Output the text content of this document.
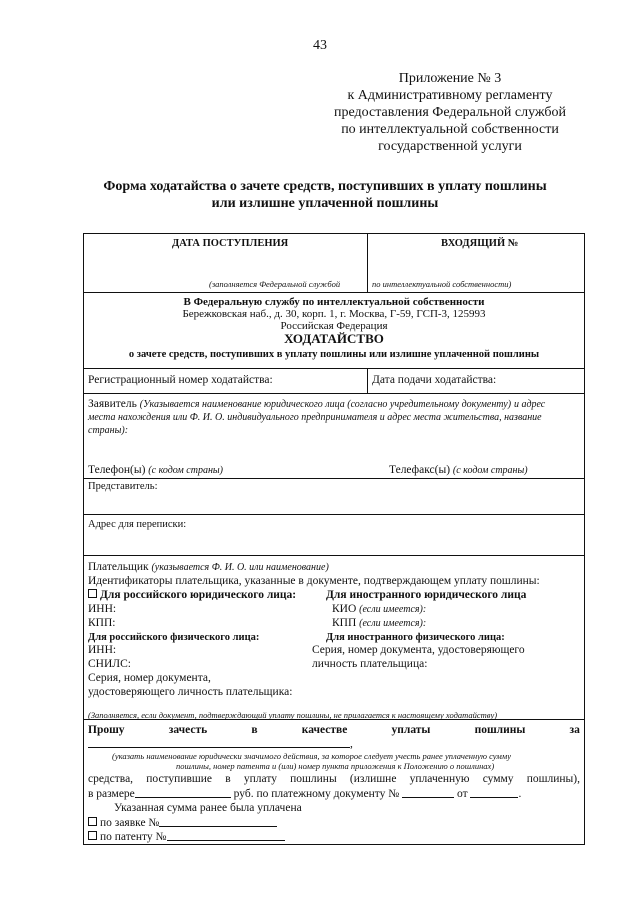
43
Приложение № 3
к Административному регламенту
предоставления Федеральной службой
по интеллектуальной собственности
государственной услуги
Форма ходатайства о зачете средств, поступивших в уплату пошлины
или излишне уплаченной пошлины
ДАТА ПОСТУПЛЕНИЯ	ВХОДЯЩИЙ №
(заполняется Федеральной службой	по интеллектуальной собственности)
В Федеральную службу по интеллектуальной собственности
Бережковская наб., д. 30, корп. 1, г. Москва, Г-59, ГСП-3, 125993
Российская Федерация
ХОДАТАЙСТВО
о зачете средств, поступивших в уплату пошлины или излишне уплаченной пошлины
Регистрационный номер ходатайства:	Дата подачи ходатайства:
Заявитель (Указывается наименование юридического лица (согласно учредительному документу) и адрес
места нахождения или Ф. И. О. индивидуального предпринимателя и адрес места жительства, название
страны):
Телефон(ы) (с кодом страны)	Телефакс(ы) (с кодом страны)
Представитель:
Адрес для переписки:
Плательщик (указывается Ф. И. О. или наименование)
Идентификаторы плательщика, указанные в документе, подтверждающем уплату пошлины:
Для российского юридического лица:	Для иностранного юридического лица
ИНН:	КИО (если имеется):
КПП:	КПП (если имеется):
Для российского физического лица:	Для иностранного физического лица:
ИНН:	Серия, номер документа, удостоверяющего
СНИЛС:	личность плательщица:
Серия, номер документа,
удостоверяющего личность плательщика:
(Заполняется, если документ, подтверждающий уплату пошлины, не прилагается к настоящему ходатайству)
Прошу	зачесть	в	качестве	уплаты	пошлины	за
,
(указать наименование юридически значимого действия, за которое следует учесть ранее уплаченную сумму
пошлины, номер патента и (или) номер пункта приложения к Положению о пошлинах)
средства, поступившие в уплату пошлины (излишне уплаченную сумму пошлины),
в размере	руб. по платежному документу №	от	.
Указанная сумма ранее была уплачена
по заявке №
по патенту №
